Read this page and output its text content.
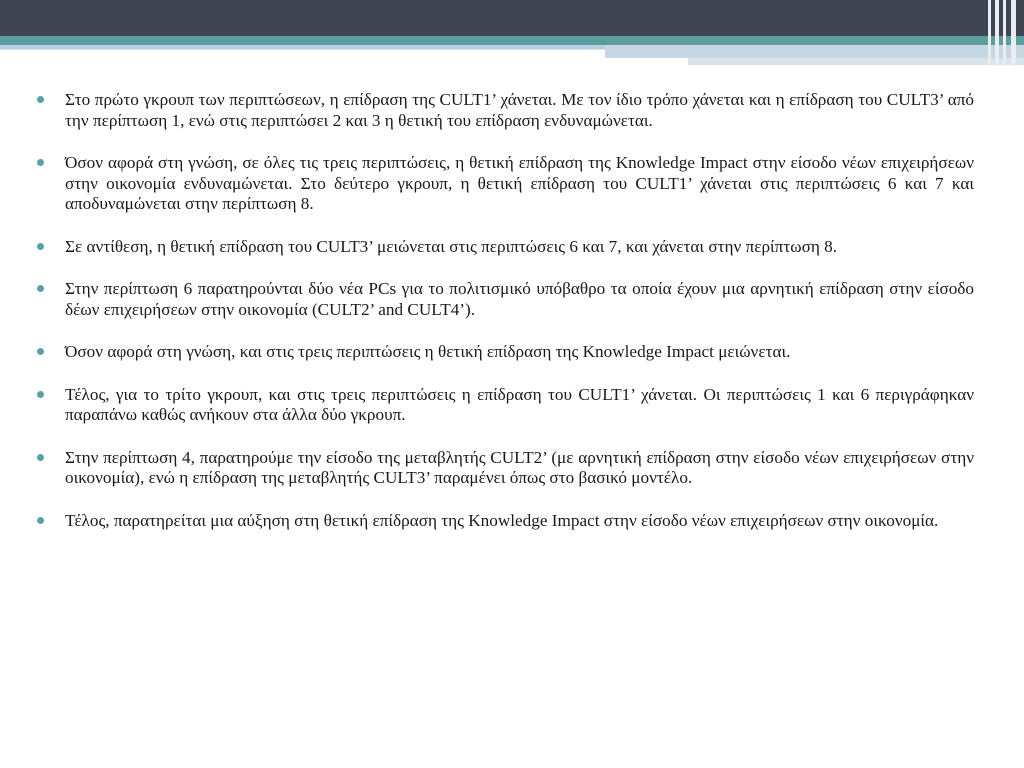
Στο πρώτο γκρουπ των περιπτώσεων, η επίδραση της CULT1’ χάνεται. Με τον ίδιο τρόπο χάνεται και η επίδραση του CULT3’ από την περίπτωση 1, ενώ στις περιπτώσει 2 και 3 η θετική του επίδραση ενδυναμώνεται.
Όσον αφορά στη γνώση, σε όλες τις τρεις περιπτώσεις, η θετική επίδραση της Knowledge Impact στην είσοδο νέων επιχειρήσεων στην οικονομία ενδυναμώνεται. Στο δεύτερο γκρουπ, η θετική επίδραση του CULT1’ χάνεται στις περιπτώσεις 6 και 7 και αποδυναμώνεται στην περίπτωση 8.
Σε αντίθεση, η θετική επίδραση του CULT3’ μειώνεται στις περιπτώσεις 6 και 7, και χάνεται στην περίπτωση 8.
Στην περίπτωση 6 παρατηρούνται δύο νέα PCs για το πολιτισμικό υπόβαθρο τα οποία έχουν μια αρνητική επίδραση στην είσοδο δέων επιχειρήσεων στην οικονομία (CULT2’ and CULT4’).
Όσον αφορά στη γνώση, και στις τρεις περιπτώσεις η θετική επίδραση της Knowledge Impact μειώνεται.
Τέλος, για το τρίτο γκρουπ, και στις τρεις περιπτώσεις η επίδραση του CULT1’ χάνεται. Οι περιπτώσεις 1 και 6 περιγράφηκαν παραπάνω καθώς ανήκουν στα άλλα δύο γκρουπ.
Στην περίπτωση 4, παρατηρούμε την είσοδο της μεταβλητής CULT2’ (με αρνητική επίδραση στην είσοδο νέων επιχειρήσεων στην οικονομία), ενώ η επίδραση της μεταβλητής CULT3’ παραμένει όπως στο βασικό μοντέλο.
Τέλος, παρατηρείται μια αύξηση στη θετική επίδραση της Knowledge Impact στην είσοδο νέων επιχειρήσεων στην οικονομία.
